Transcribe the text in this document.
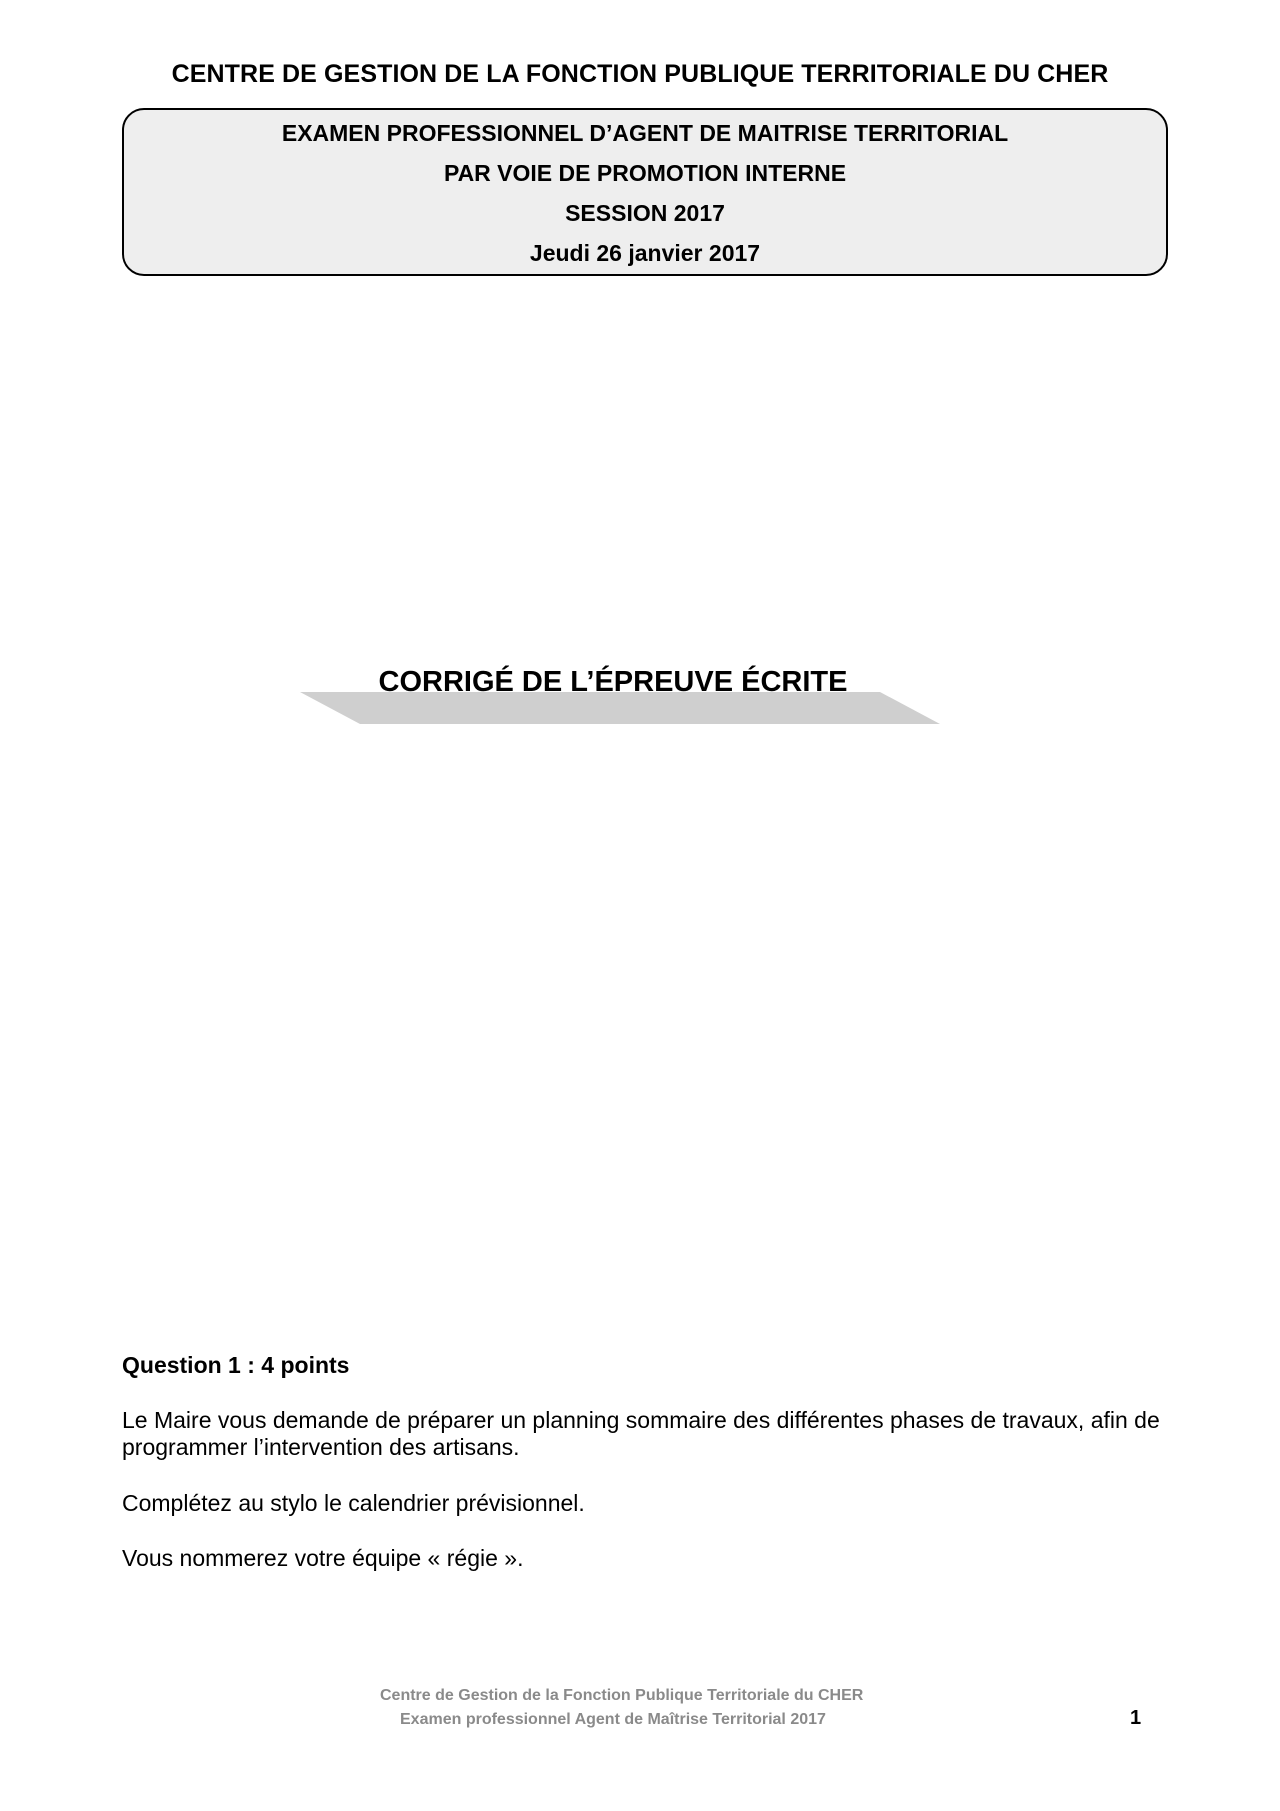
CENTRE DE GESTION DE LA FONCTION PUBLIQUE TERRITORIALE DU CHER
EXAMEN PROFESSIONNEL D’AGENT DE MAITRISE TERRITORIAL
PAR VOIE DE PROMOTION INTERNE
SESSION 2017
Jeudi 26 janvier 2017
CORRIGÉ DE L’ÉPREUVE ÉCRITE
Question 1 : 4 points
Le Maire vous demande de préparer un planning sommaire des différentes phases de travaux, afin de programmer l’intervention des artisans.
Complétez au stylo le calendrier prévisionnel.
Vous nommerez votre équipe « régie ».
Centre de Gestion de la Fonction Publique Territoriale du CHER
Examen professionnel Agent de Maîtrise Territorial 2017	1
